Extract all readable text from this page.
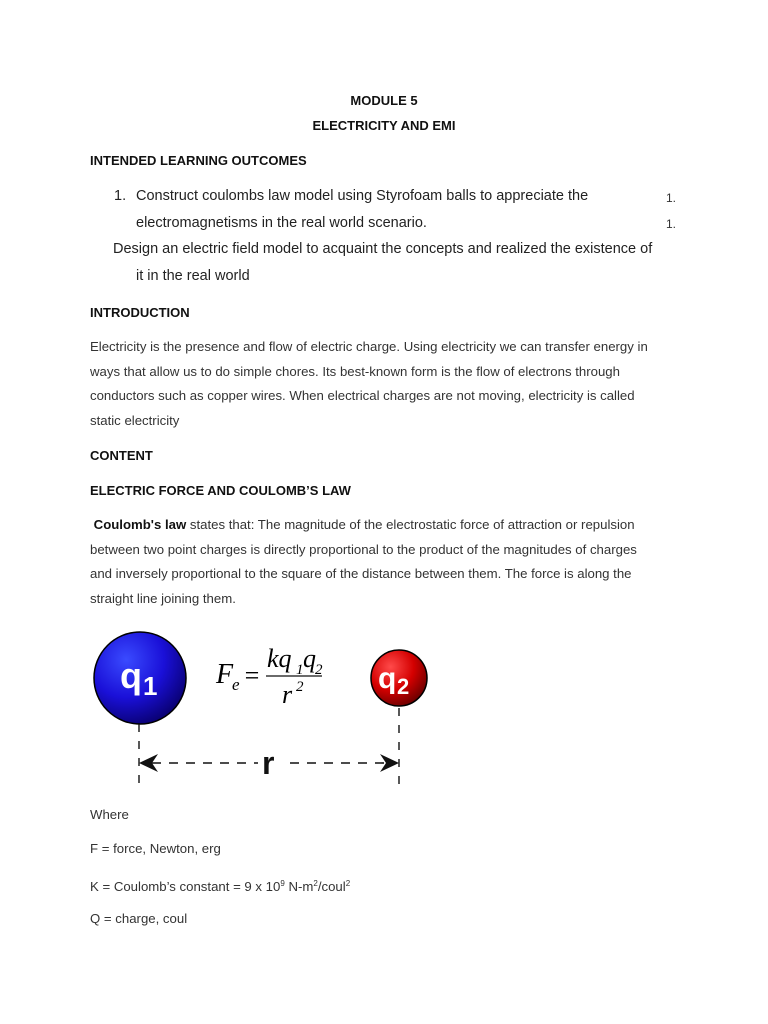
MODULE 5
ELECTRICITY AND EMI
INTENDED LEARNING OUTCOMES
1. Construct coulombs law model using Styrofoam balls to appreciate the
electromagnetisms in the real world scenario.
Design an electric field model to acquaint the concepts and realized the existence of
it in the real world
1.
1.
INTRODUCTION
Electricity is the presence and flow of electric charge. Using electricity we can transfer energy in
ways that allow us to do simple chores. Its best-known form is the flow of electrons through
conductors such as copper wires. When electrical charges are not moving, electricity is called
static electricity
CONTENT
ELECTRIC FORCE AND COULOMB’S LAW
Coulomb's law states that: The magnitude of the electrostatic force of attraction or repulsion
between two point charges is directly proportional to the product of the magnitudes of charges
and inversely proportional to the square of the distance between them. The force is along the
straight line joining them.
q 1	q 2
F
e =
kq 1 q 2
r 2
r
Where
F = force, Newton, erg
K = Coulomb’s constant = 9 x $10^9$ $N-m^2/coul^2$
Q = charge, coul
